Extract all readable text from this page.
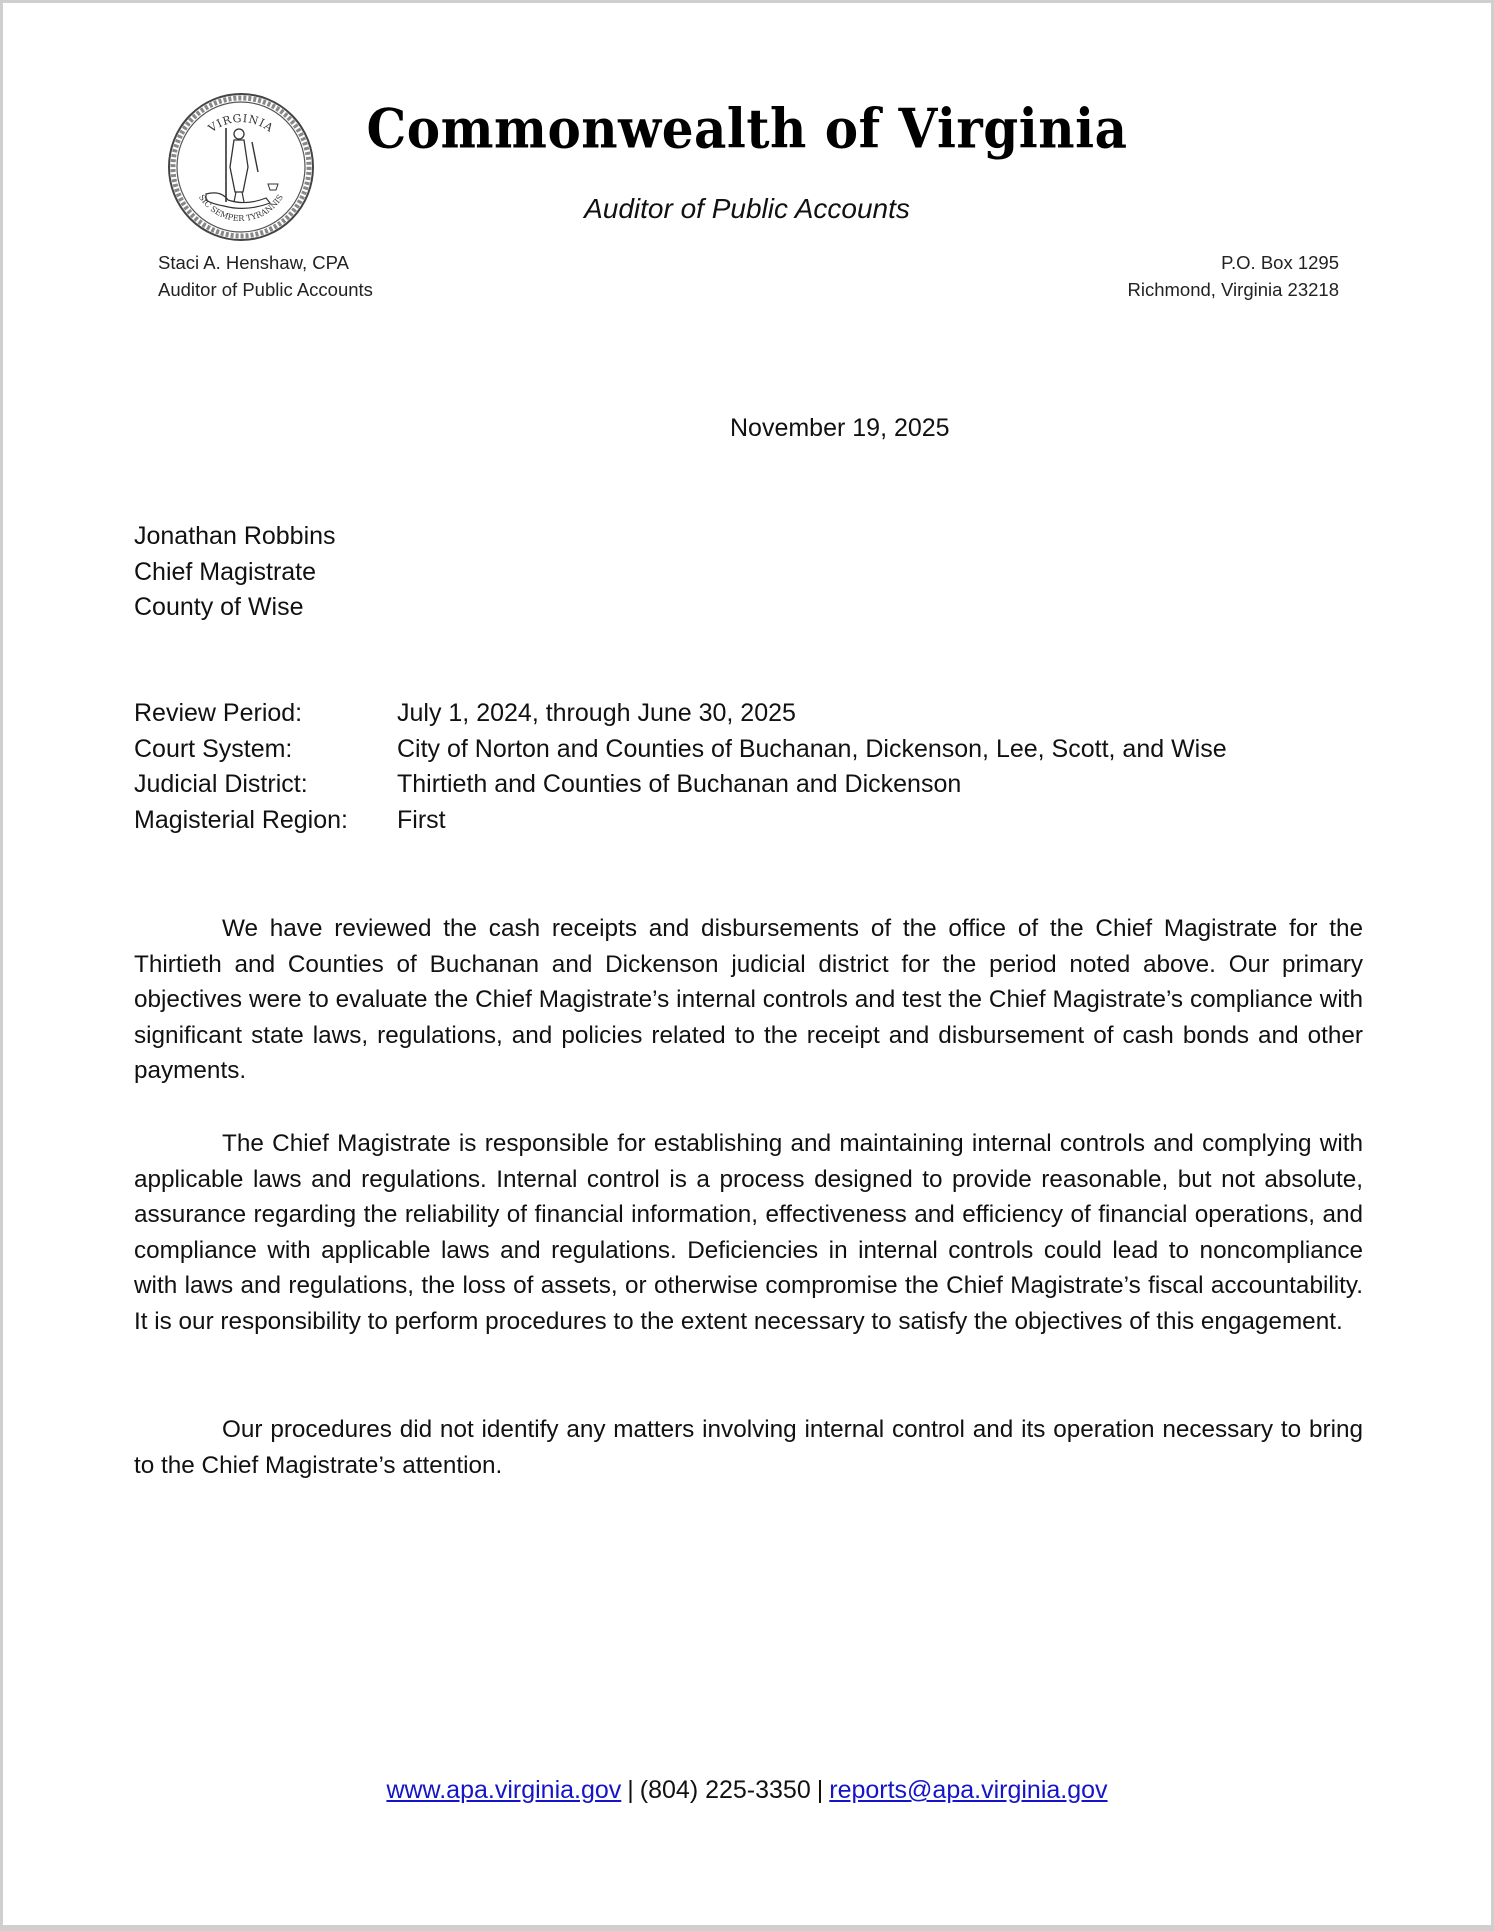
VIRGINIA
SIC SEMPER TYRANNIS
Commonwealth of Virginia
Auditor of Public Accounts
Staci A. Henshaw, CPA
Auditor of Public Accounts
P.O. Box 1295
Richmond, Virginia 23218
November 19, 2025
Jonathan Robbins
Chief Magistrate
County of Wise
Review Period:	July 1, 2024, through June 30, 2025
Court System:	City of Norton and Counties of Buchanan, Dickenson, Lee, Scott, and Wise
Judicial District:	Thirtieth and Counties of Buchanan and Dickenson
Magisterial Region:	First

We have reviewed the cash receipts and disbursements of the office of the Chief Magistrate for the Thirtieth and Counties of Buchanan and Dickenson judicial district for the period noted above. Our primary objectives were to evaluate the Chief Magistrate’s internal controls and test the Chief Magistrate’s compliance with significant state laws, regulations, and policies related to the receipt and disbursement of cash bonds and other payments.

The Chief Magistrate is responsible for establishing and maintaining internal controls and complying with applicable laws and regulations. Internal control is a process designed to provide reasonable, but not absolute, assurance regarding the reliability of financial information, effectiveness and efficiency of financial operations, and compliance with applicable laws and regulations. Deficiencies in internal controls could lead to noncompliance with laws and regulations, the loss of assets, or otherwise compromise the Chief Magistrate’s fiscal accountability. It is our responsibility to perform procedures to the extent necessary to satisfy the objectives of this engagement.

Our procedures did not identify any matters involving internal control and its operation necessary to bring to the Chief Magistrate’s attention.

www.apa.virginia.gov | (804) 225-3350 | reports@apa.virginia.gov
